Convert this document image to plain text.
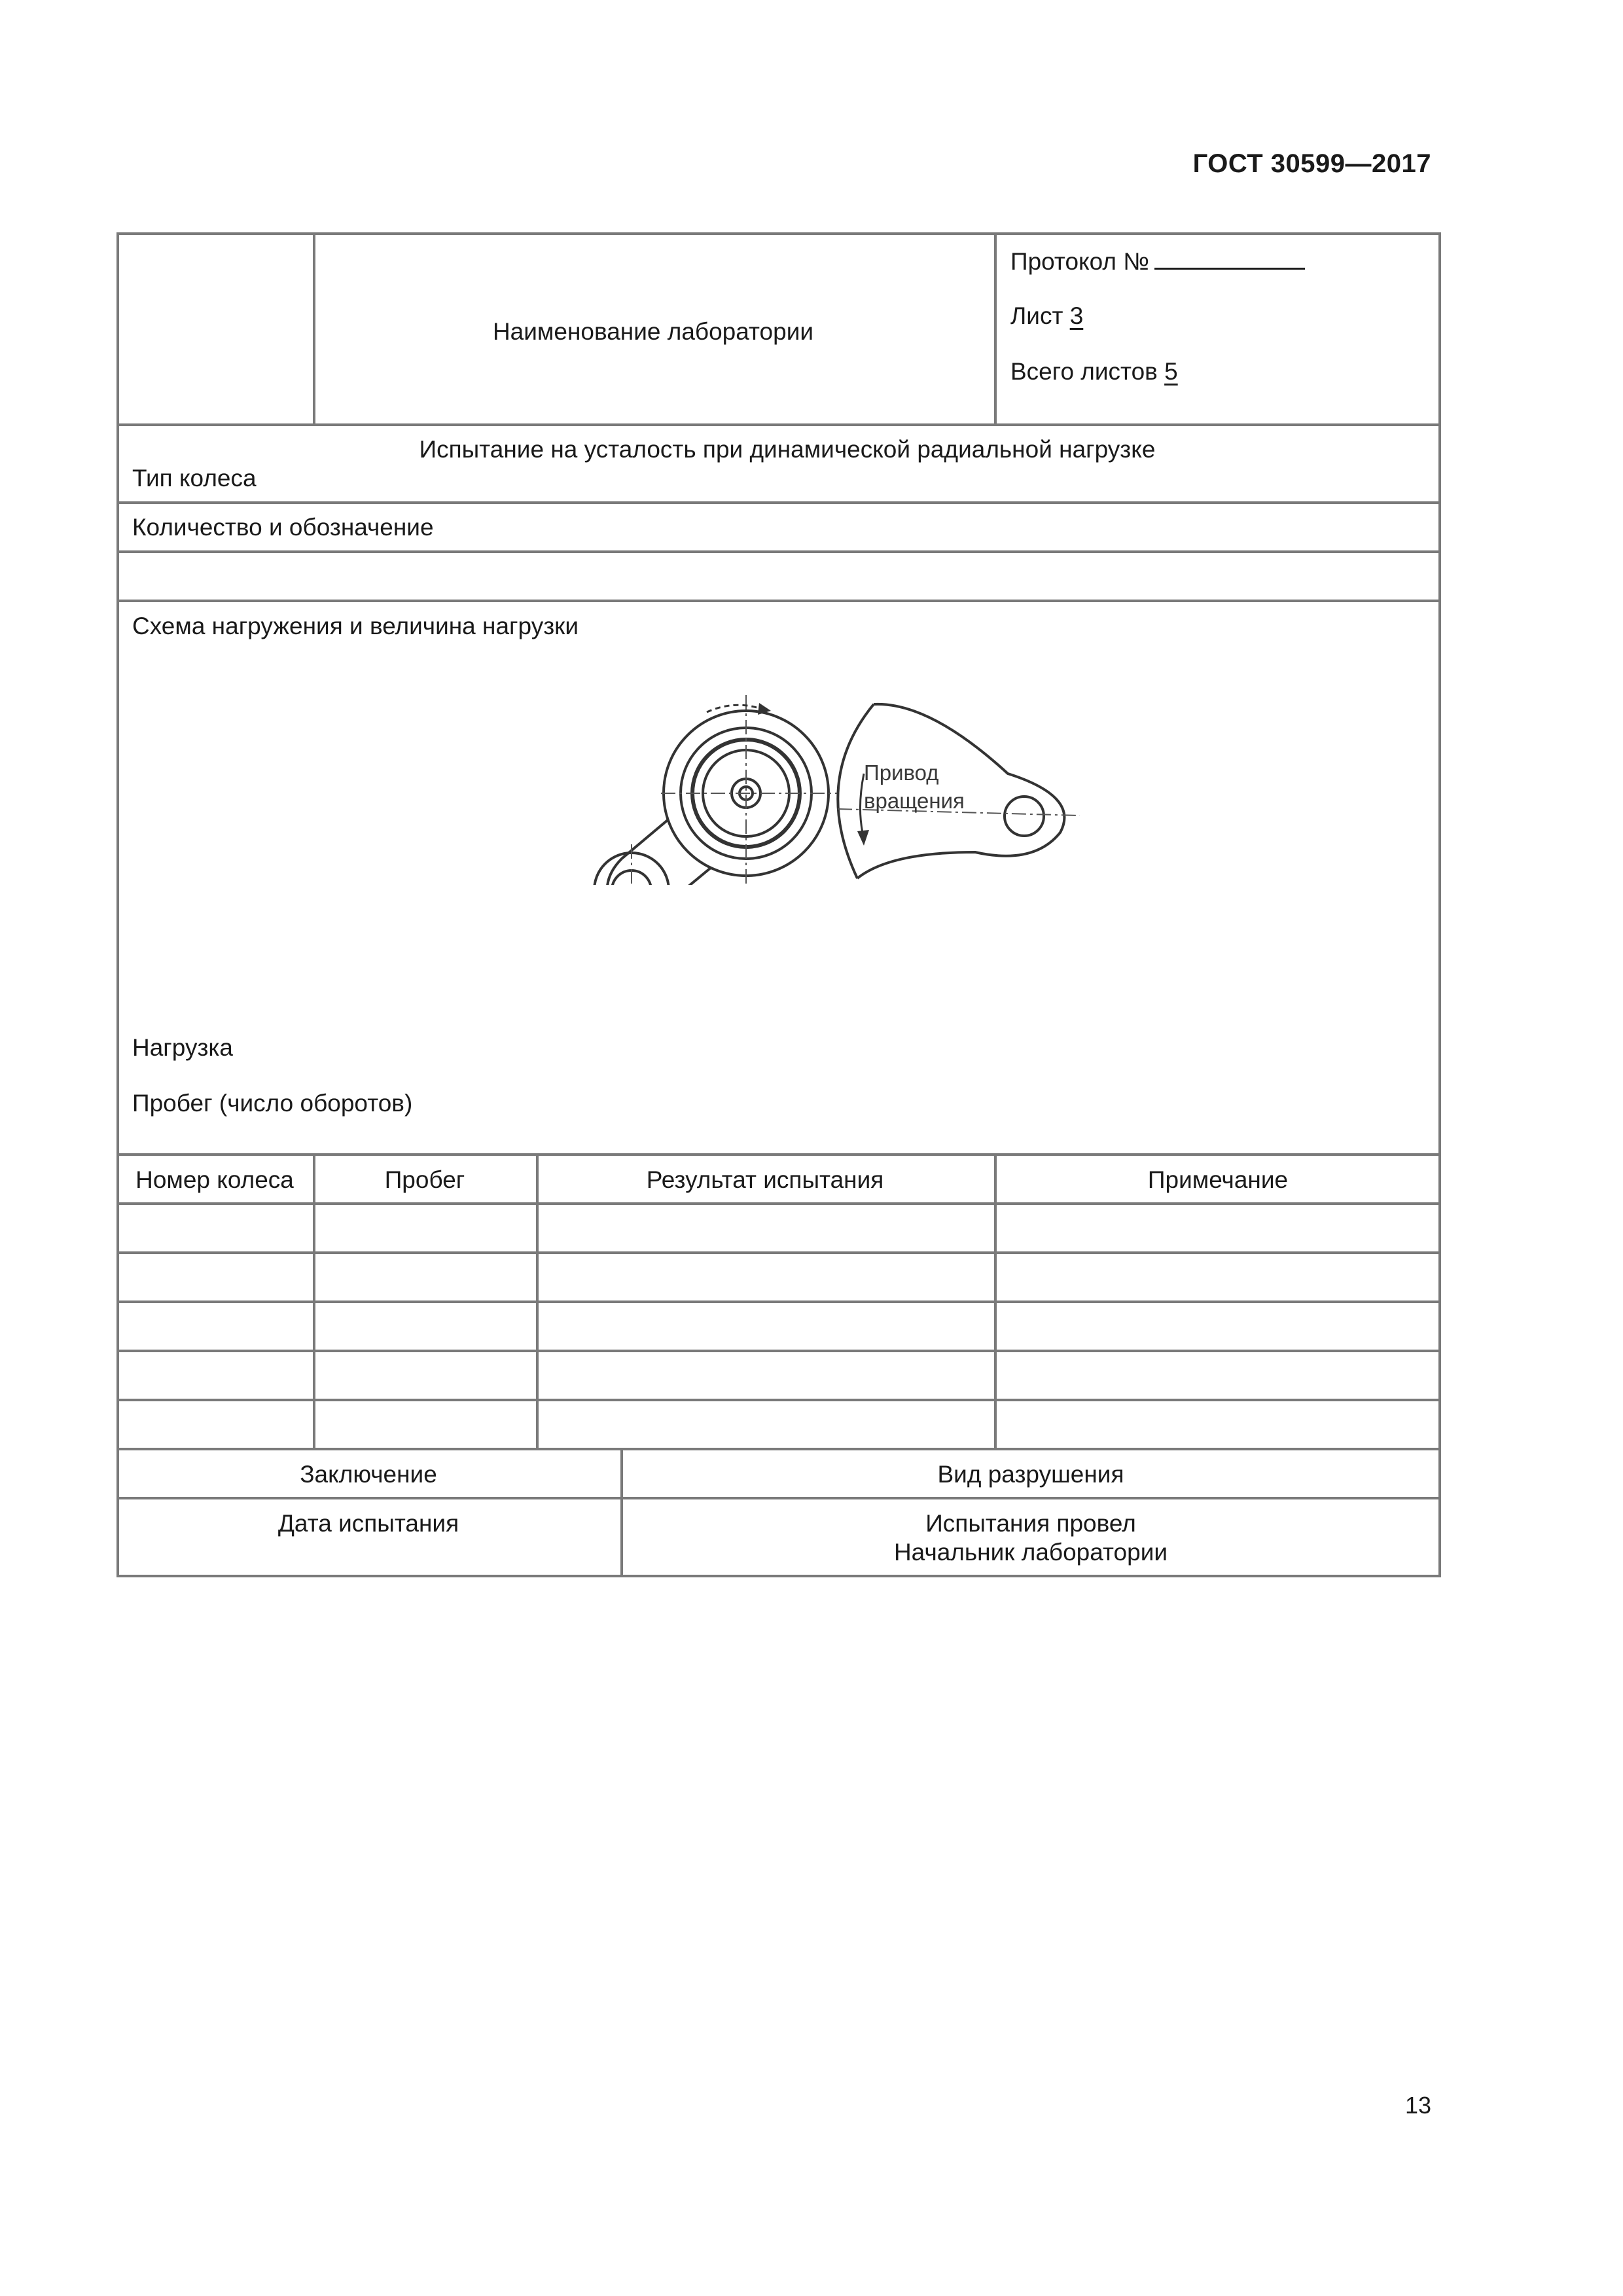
ГОСТ 30599—2017
Наименование лаборатории
Протокол №
Лист 3
Всего листов 5
Испытание на усталость при динамической радиальной нагрузке
Тип колеса
Количество и обозначение
Схема нагружения и величина нагрузки
Нагрузка
Пробег (число оборотов)
Номер колеса	Пробег	Результат испытания	Примечание
Заключение	Вид разрушения
Дата испытания	Испытания провел
Начальник лаборатории
Привод
вращения
13
